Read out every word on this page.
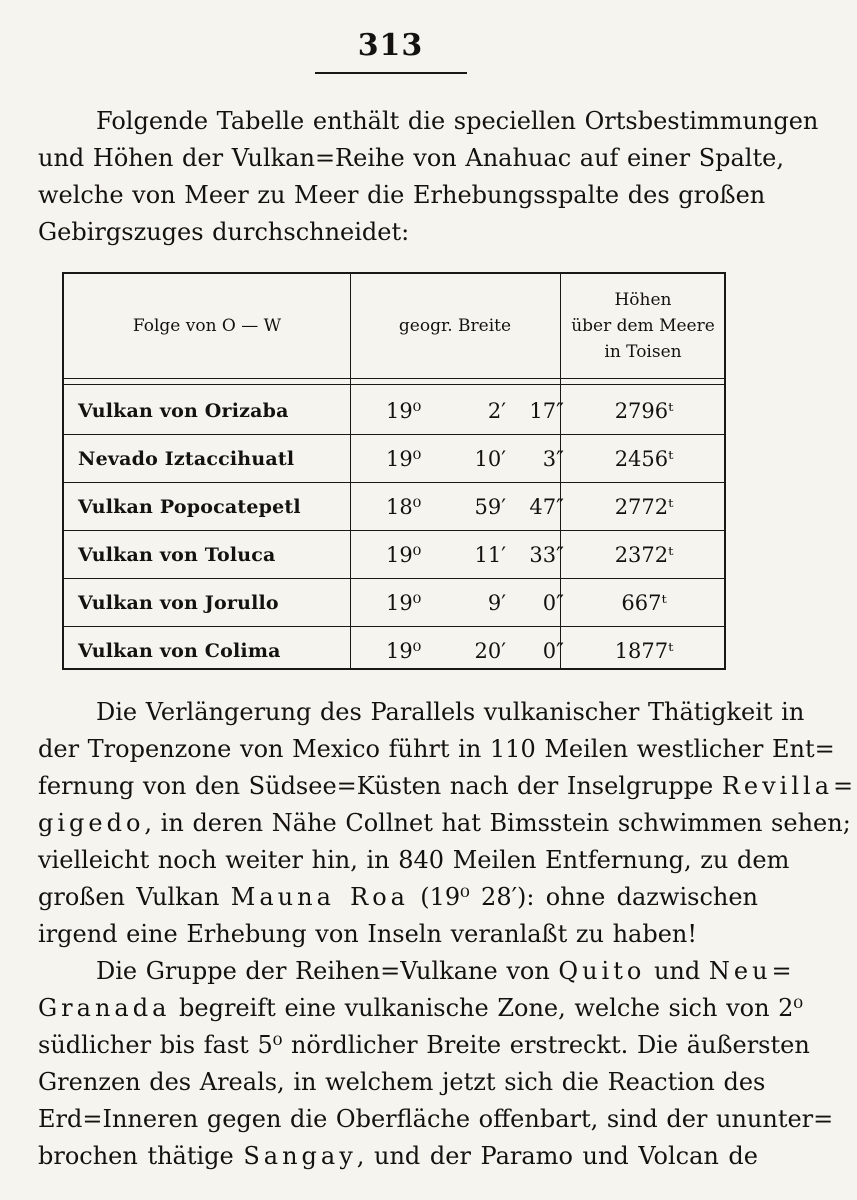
313
Folgende Tabelle enthält die speciellen Ortsbestimmungen
und Höhen der Vulkan=Reihe von Anahuac auf einer Spalte,
welche von Meer zu Meer die Erhebungsspalte des großen
Gebirgszuges durchschneidet:
Folge von O — W	geogr. Breite
Höhen
über dem Meere
in Toisen
Vulkan von Orizaba	19⁰	2′	17″	2796ᵗ
Nevado Iztaccihuatl	19⁰	10′	3″	2456ᵗ
Vulkan Popocatepetl	18⁰	59′	47″	2772ᵗ
Vulkan von Toluca	19⁰	11′	33″	2372ᵗ
Vulkan von Jorullo	19⁰	9′	0″	667ᵗ
Vulkan von Colima	19⁰	20′	0″	1877ᵗ
Die Verlängerung des Parallels vulkanischer Thätigkeit in
der Tropenzone von Mexico führt in 110 Meilen westlicher Ent=
fernung von den Südsee=Küsten nach der Inselgruppe Revilla=
gigedo, in deren Nähe Collnet hat Bimsstein schwimmen sehen;
vielleicht noch weiter hin, in 840 Meilen Entfernung, zu dem
großen Vulkan Mauna Roa (19⁰ 28′): ohne dazwischen
irgend eine Erhebung von Inseln veranlaßt zu haben!
Die Gruppe der Reihen=Vulkane von Quito und Neu=
Granada begreift eine vulkanische Zone, welche sich von 2⁰
südlicher bis fast 5⁰ nördlicher Breite erstreckt. Die äußersten
Grenzen des Areals, in welchem jetzt sich die Reaction des
Erd=Inneren gegen die Oberfläche offenbart, sind der ununter=
brochen thätige Sangay, und der Paramo und Volcan de
